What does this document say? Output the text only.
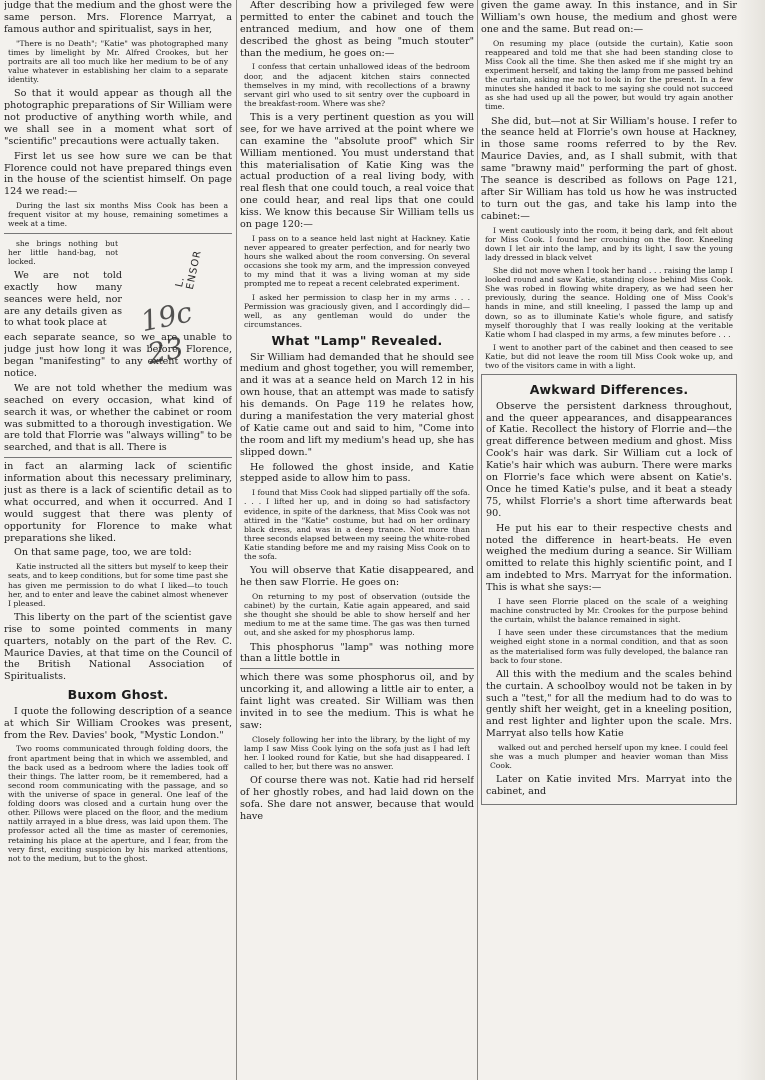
judge that the medium and the ghost were the same person. Mrs. Florence Marryat, a famous author and spiritualist, says in her,

"There is no Death"; "Katie" was photographed many times by limelight by Mr. Alfred Crookes, but her portraits are all too much like her medium to be of any value whatever in establishing her claim to a separate identity.

So that it would appear as though all the photographic preparations of Sir William were not productive of anything worth while, and we shall see in a moment what sort of "scientific" precautions were actually taken.

First let us see how sure we can be that Florence could not have prepared things even in the house of the scientist himself. On page 124 we read:—

During the last six months Miss Cook has been a frequent visitor at my house, remaining sometimes a week at a time.

she brings nothing but her little hand-bag, not locked.

We are not told exactly how many seances were held, nor are any details given as to what took place at

each separate seance, so we are unable to judge just how long it was before, Florence, began "manifesting" to any extent worthy of notice.

We are not told whether the medium was seached on every occasion, what kind of search it was, or whether the cabinet or room was submitted to a thorough investigation. We are told that Florrie was "always willing" to be searched, and that is all. There is

in fact an alarming lack of scientific information about this necessary preliminary, just as there is a lack of scientific detail as to what occurred, and when it occurred. And I would suggest that there was plenty of opportunity for Florence to make what preparations she liked.

On that same page, too, we are told:

Katie instructed all the sitters but myself to keep their seats, and to keep conditions, but for some time past she has given me permission to do what I liked—to touch her, and to enter and leave the cabinet almost whenever I pleased.

This liberty on the part of the scientist gave rise to some pointed comments in many quarters, notably on the part of the Rev. C. Maurice Davies, at that time on the Council of the British National Association of Spiritualists.

Buxom Ghost.

I quote the following description of a seance at which Sir William Crookes was present, from the Rev. Davies' book, "Mystic London."

Two rooms communicated through folding doors, the front apartment being that in which we assembled, and the back used as a bedroom where the ladies took off their things. The latter room, be it remembered, had a second room communicating with the passage, and so with the universe of space in general. One leaf of the folding doors was closed and a curtain hung over the other. Pillows were placed on the floor, and the medium nattily arrayed in a blue dress, was laid upon them. The professor acted all the time as master of ceremonies, retaining his place at the aperture, and I fear, from the very first, exciting suspicion by his marked attentions, not to the medium, but to the ghost.

L. ENSOR
19c 23

After describing how a privileged few were permitted to enter the cabinet and touch the entranced medium, and how one of them described the ghost as being "much stouter" than the medium, he goes on:—

I confess that certain unhallowed ideas of the bedroom door, and the adjacent kitchen stairs connected themselves in my mind, with recollections of a brawny servant girl who used to sit sentry over the cupboard in the breakfast-room. Where was she?

This is a very pertinent question as you will see, for we have arrived at the point where we can examine the "absolute proof" which Sir William mentioned. You must understand that this materialisation of Katie King was the actual production of a real living body, with real flesh that one could touch, a real voice that one could hear, and real lips that one could kiss. We know this because Sir William tells us on page 120:—

I pass on to a seance held last night at Hackney. Katie never appeared to greater perfection, and for nearly two hours she walked about the room conversing. On several occasions she took my arm, and the impression conveyed to my mind that it was a living woman at my side prompted me to repeat a recent celebrated experiment.

I asked her permission to clasp her in my arms . . . Permission was graciously given, and I accordingly did—well, as any gentleman would do under the circumstances.

What "Lamp" Revealed.

Sir William had demanded that he should see medium and ghost together, you will remember, and it was at a seance held on March 12 in his own house, that an attempt was made to satisfy his demands. On Page 119 he relates how, during a manifestation the very material ghost of Katie came out and said to him, "Come into the room and lift my medium's head up, she has slipped down."

He followed the ghost inside, and Katie stepped aside to allow him to pass.

I found that Miss Cook had slipped partially off the sofa. . . . I lifted her up, and in doing so had satisfactory evidence, in spite of the darkness, that Miss Cook was not attired in the "Katie" costume, but had on her ordinary black dress, and was in a deep trance. Not more than three seconds elapsed between my seeing the white-robed Katie standing before me and my raising Miss Cook on to the sofa.

You will observe that Katie disappeared, and he then saw Florrie. He goes on:

On returning to my post of observation (outside the cabinet) by the curtain, Katie again appeared, and said she thought she should be able to show herself and her medium to me at the same time. The gas was then turned out, and she asked for my phosphorus lamp.

This phosphorus "lamp" was nothing more than a little bottle in

which there was some phosphorus oil, and by uncorking it, and allowing a little air to enter, a faint light was created. Sir William was then invited in to see the medium. This is what he saw:

Closely following her into the library, by the light of my lamp I saw Miss Cook lying on the sofa just as I had left her. I looked round for Katie, but she had disappeared. I called to her, but there was no answer.

Of course there was not. Katie had rid herself of her ghostly robes, and had laid down on the sofa. She dare not answer, because that would have

given the game away. In this instance, and in Sir William's own house, the medium and ghost were one and the same. But read on:—

On resuming my place (outside the curtain), Katie soon reappeared and told me that she had been standing close to Miss Cook all the time. She then asked me if she might try an experiment herself, and taking the lamp from me passed behind the curtain, asking me not to look in for the present. In a few minutes she handed it back to me saying she could not succeed as she had used up all the power, but would try again another time.

She did, but—not at Sir William's house. I refer to the seance held at Florrie's own house at Hackney, in those same rooms referred to by the Rev. Maurice Davies, and, as I shall submit, with that same "brawny maid" performing the part of ghost. The seance is described as follows on Page 121, after Sir William has told us how he was instructed to turn out the gas, and take his lamp into the cabinet:—

I went cautiously into the room, it being dark, and felt about for Miss Cook. I found her crouching on the floor. Kneeling down I let air into the lamp, and by its light, I saw the young lady dressed in black velvet

She did not move when I took her hand . . . raising the lamp I looked round and saw Katie, standing close behind Miss Cook. She was robed in flowing white drapery, as we had seen her previously, during the seance. Holding one of Miss Cook's hands in mine, and still kneeling, I passed the lamp up and down, so as to illuminate Katie's whole figure, and satisfy myself thoroughly that I was really looking at the veritable Katie whom I had clasped in my arms, a few minutes before . . .

I went to another part of the cabinet and then ceased to see Katie, but did not leave the room till Miss Cook woke up, and two of the visitors came in with a light.

Awkward Differences.

Observe the persistent darkness throughout, and the queer appearances, and disappearances of Katie. Recollect the history of Florrie and—the great difference between medium and ghost. Miss Cook's hair was dark. Sir William cut a lock of Katie's hair which was auburn. There were marks on Florrie's face which were absent on Katie's. Once he timed Katie's pulse, and it beat a steady 75, whilst Florrie's a short time afterwards beat 90.

He put his ear to their respective chests and noted the difference in heart-beats. He even weighed the medium during a seance. Sir William omitted to relate this highly scientific point, and I am indebted to Mrs. Marryat for the information. This is what she says:—

I have seen Florrie placed on the scale of a weighing machine constructed by Mr. Crookes for the purpose behind the curtain, whilst the balance remained in sight.

I have seen under these circumstances that the medium weighed eight stone in a normal condition, and that as soon as the materialised form was fully developed, the balance ran back to four stone.

All this with the medium and the scales behind the curtain. A schoolboy would not be taken in by such a "test," for all the medium had to do was to gently shift her weight, get in a kneeling position, and rest lighter and lighter upon the scale. Mrs. Marryat also tells how Katie

walked out and perched herself upon my knee. I could feel she was a much plumper and heavier woman than Miss Cook.

Later on Katie invited Mrs. Marryat into the cabinet, and
